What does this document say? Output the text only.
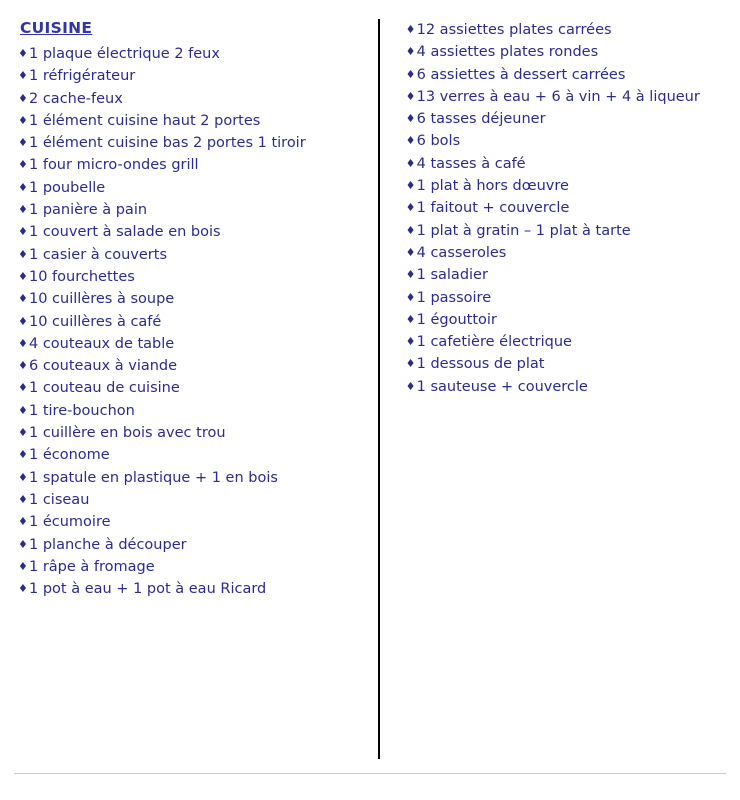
CUISINE
♦ 1 plaque électrique 2 feux
♦ 1 réfrigérateur
♦ 2 cache-feux
♦ 1 élément cuisine haut 2 portes
♦ 1 élément cuisine bas 2 portes 1 tiroir
♦ 1 four micro-ondes grill
♦ 1 poubelle
♦ 1 panière à pain
♦ 1 couvert à salade en bois
♦ 1 casier à couverts
♦ 10 fourchettes
♦ 10 cuillères à soupe
♦ 10 cuillères à café
♦ 4 couteaux de table
♦ 6 couteaux à viande
♦ 1 couteau de cuisine
♦ 1 tire-bouchon
♦ 1 cuillère en bois avec trou
♦ 1 économe
♦ 1 spatule en plastique + 1 en bois
♦ 1 ciseau
♦ 1 écumoire
♦ 1 planche à découper
♦ 1 râpe à fromage
♦ 1 pot à eau + 1 pot à eau Ricard
♦ 12 assiettes plates carrées
♦ 4 assiettes plates rondes
♦ 6 assiettes à dessert carrées
♦ 13 verres à eau + 6 à vin + 4 à liqueur
♦ 6 tasses déjeuner
♦ 6 bols
♦ 4 tasses à café
♦ 1 plat à hors dœuvre
♦ 1 faitout + couvercle
♦ 1 plat à gratin – 1 plat à tarte
♦ 4 casseroles
♦ 1 saladier
♦ 1 passoire
♦ 1 égouttoir
♦ 1 cafetière électrique
♦ 1 dessous de plat
♦ 1 sauteuse + couvercle
